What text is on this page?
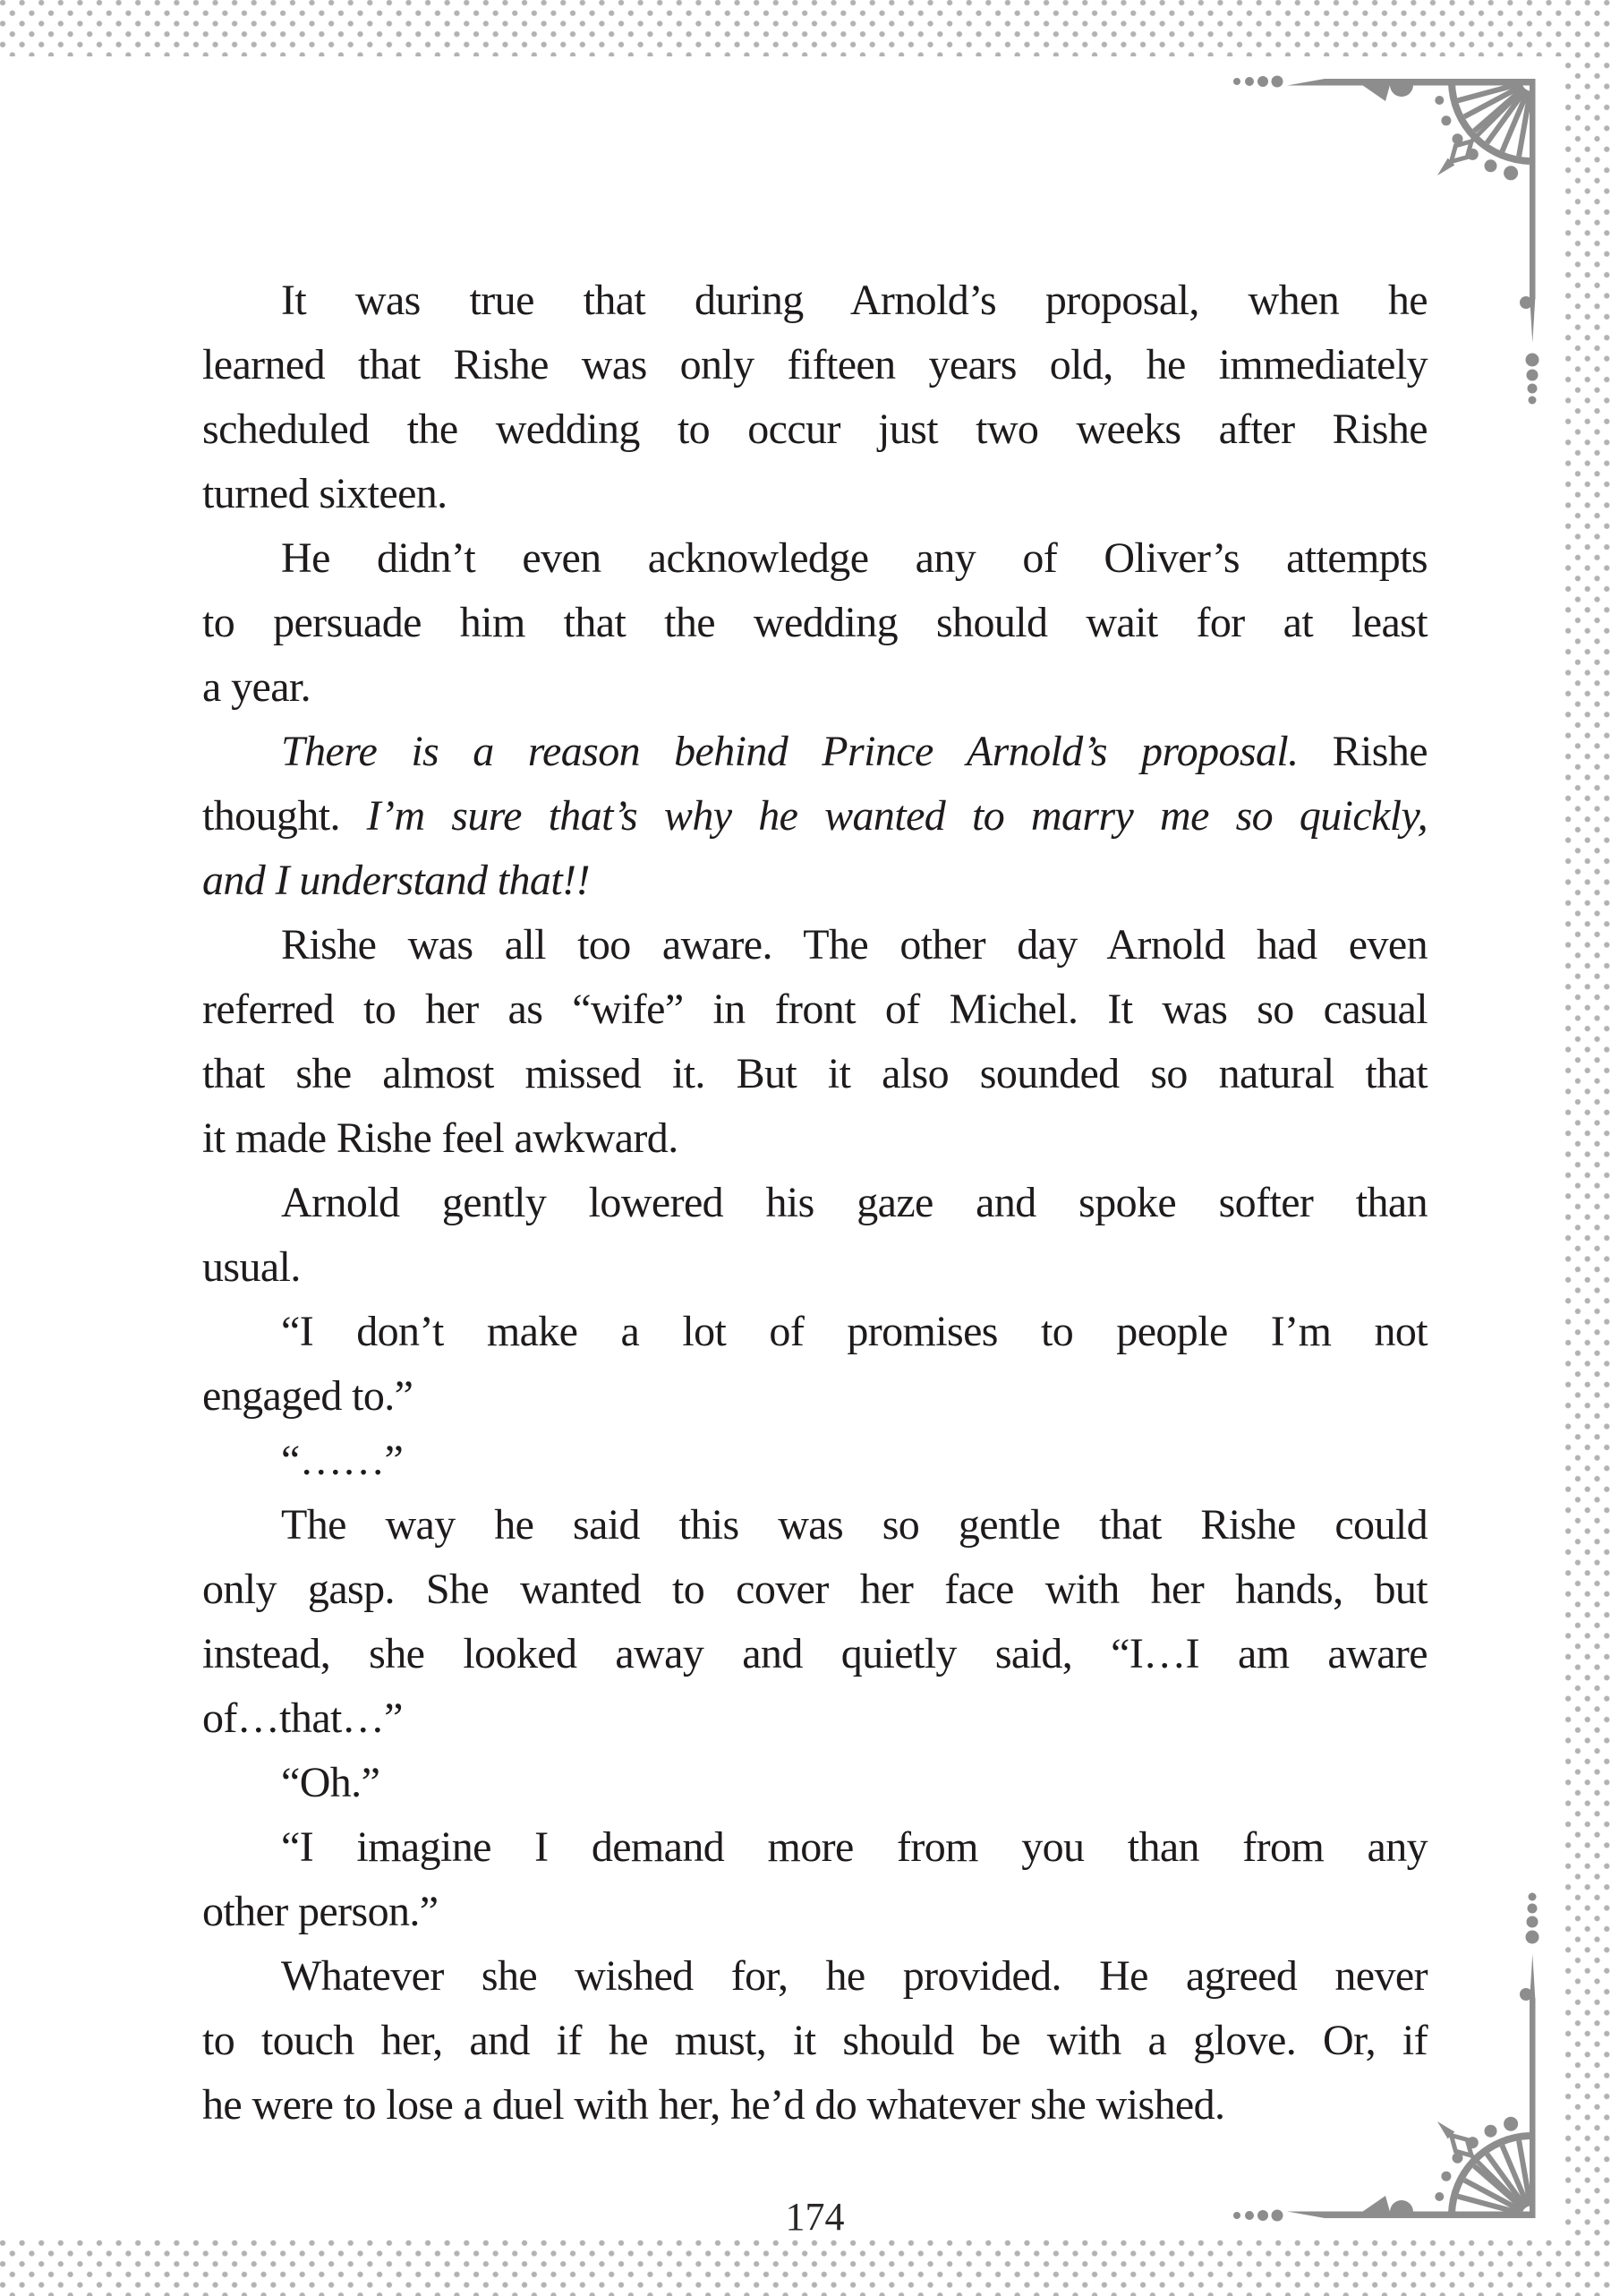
It was true that during Arnold’s proposal, when he
learned that Rishe was only fifteen years old, he immediately
scheduled the wedding to occur just two weeks after Rishe
turned sixteen.
He didn’t even acknowledge any of Oliver’s attempts
to persuade him that the wedding should wait for at least
a year.
There is a reason behind Prince Arnold’s proposal. Rishe
thought. I’m sure that’s why he wanted to marry me so quickly,
and I understand that!!
Rishe was all too aware. The other day Arnold had even
referred to her as “wife” in front of Michel. It was so casual
that she almost missed it. But it also sounded so natural that
it made Rishe feel awkward.
Arnold gently lowered his gaze and spoke softer than
usual.
“I don’t make a lot of promises to people I’m not
engaged to.”
“……”
The way he said this was so gentle that Rishe could
only gasp. She wanted to cover her face with her hands, but
instead, she looked away and quietly said, “I…I am aware
of…that…”
“Oh.”
“I imagine I demand more from you than from any
other person.”
Whatever she wished for, he provided. He agreed never
to touch her, and if he must, it should be with a glove. Or, if
he were to lose a duel with her, he’d do whatever she wished.
174
